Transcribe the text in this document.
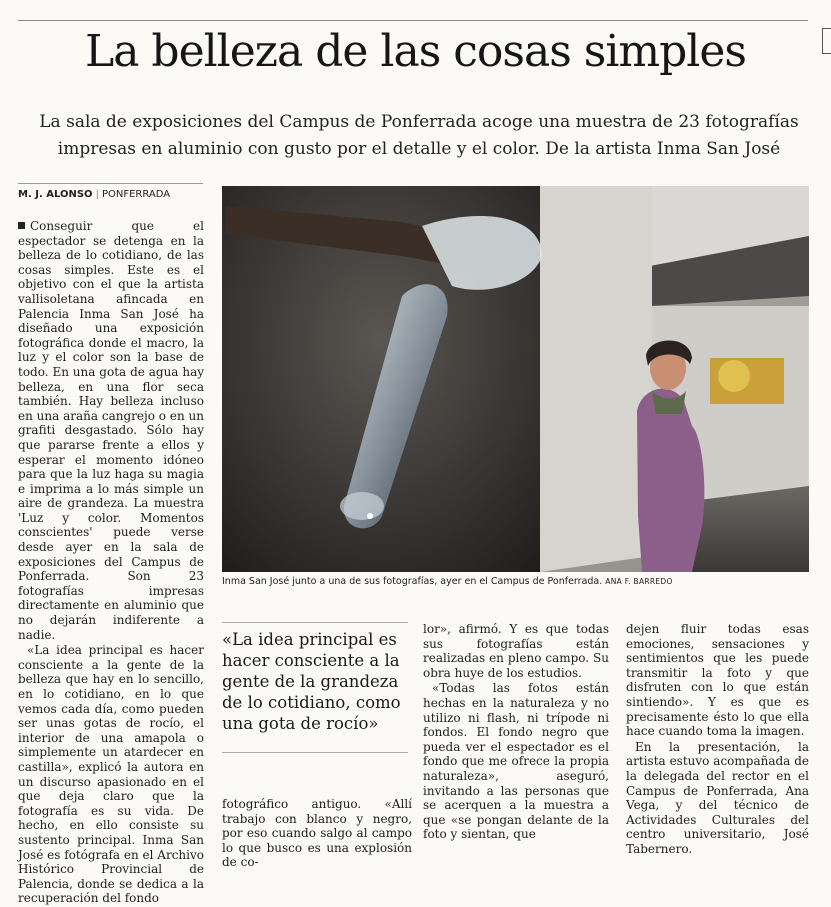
La belleza de las cosas simples

La sala de exposiciones del Campus de Ponferrada acoge una muestra de 23 fotografías impresas en aluminio con gusto por el detalle y el color. De la artista Inma San José

M. J. ALONSO | PONFERRADA

Conseguir que el espectador se detenga en la belleza de lo cotidiano, de las cosas simples. Este es el objetivo con el que la artista vallisoletana afincada en Palencia Inma San José ha diseñado una exposición fotográfica donde el macro, la luz y el color son la base de todo. En una gota de agua hay belleza, en una flor seca también. Hay belleza incluso en una araña cangrejo o en un grafiti desgastado. Sólo hay que pararse frente a ellos y esperar el momento idóneo para que la luz haga su magia e imprima a lo más simple un aire de grandeza. La muestra 'Luz y color. Momentos conscientes' puede verse desde ayer en la sala de exposiciones del Campus de Ponferrada. Son 23 fotografías impresas directamente en aluminio que no dejarán indiferente a nadie.

«La idea principal es hacer consciente a la gente de la belleza que hay en lo sencillo, en lo cotidiano, en lo que vemos cada día, como pueden ser unas gotas de rocío, el interior de una amapola o simplemente un atardecer en castilla», explicó la autora en un discurso apasionado en el que deja claro que la fotografía es su vida. De hecho, en ello consiste su sustento principal. Inma San José es fotógrafa en el Archivo Histórico Provincial de Palencia, donde se dedica a la recuperación del fondo

Inma San José junto a una de sus fotografías, ayer en el Campus de Ponferrada. ANA F. BARREDO

«La idea principal es hacer consciente a la gente de la grandeza de lo cotidiano, como una gota de rocío»

fotográfico antiguo. «Allí trabajo con blanco y negro, por eso cuando salgo al campo lo que busco es una explosión de co-

lor», afirmó. Y es que todas sus fotografías están realizadas en pleno campo. Su obra huye de los estudios.

«Todas las fotos están hechas en la naturaleza y no utilizo ni flash, ni trípode ni fondos. El fondo negro que pueda ver el espectador es el fondo que me ofrece la propia naturaleza», aseguró, invitando a las personas que se acerquen a la muestra a que «se pongan delante de la foto y sientan, que

dejen fluir todas esas emociones, sensaciones y sentimientos que les puede transmitir la foto y que disfruten con lo que están sintiendo». Y es que es precisamente ésto lo que ella hace cuando toma la imagen.

En la presentación, la artista estuvo acompañada de la delegada del rector en el Campus de Ponferrada, Ana Vega, y del técnico de Actividades Culturales del centro universitario, José Tabernero.
